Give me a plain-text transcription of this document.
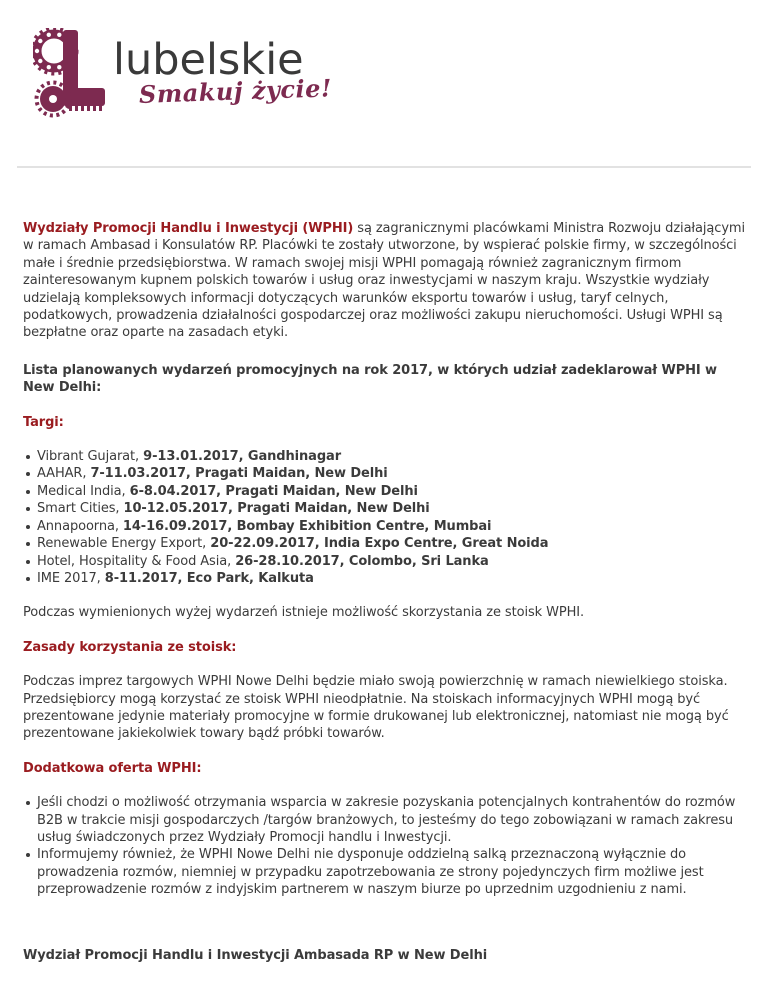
lubelskie
Smakuj życie!

Wydziały Promocji Handlu i Inwestycji (WPHI) są zagranicznymi placówkami Ministra Rozwoju działającymi w ramach Ambasad i Konsulatów RP. Placówki te zostały utworzone, by wspierać polskie firmy, w szczególności małe i średnie przedsiębiorstwa. W ramach swojej misji WPHI pomagają również zagranicznym firmom zainteresowanym kupnem polskich towarów i usług oraz inwestycjami w naszym kraju. Wszystkie wydziały udzielają kompleksowych informacji dotyczących warunków eksportu towarów i usług, taryf celnych, podatkowych, prowadzenia działalności gospodarczej oraz możliwości zakupu nieruchomości. Usługi WPHI są bezpłatne oraz oparte na zasadach etyki.

Lista planowanych wydarzeń promocyjnych na rok 2017, w których udział zadeklarował WPHI w New Delhi:
Targi:
Vibrant Gujarat, 9-13.01.2017, Gandhinagar
AAHAR, 7-11.03.2017, Pragati Maidan, New Delhi
Medical India, 6-8.04.2017, Pragati Maidan, New Delhi
Smart Cities, 10-12.05.2017, Pragati Maidan, New Delhi
Annapoorna, 14-16.09.2017, Bombay Exhibition Centre, Mumbai
Renewable Energy Export, 20-22.09.2017, India Expo Centre, Great Noida
Hotel, Hospitality & Food Asia, 26-28.10.2017, Colombo, Sri Lanka
IME 2017, 8-11.2017, Eco Park, Kalkuta

Podczas wymienionych wyżej wydarzeń istnieje możliwość skorzystania ze stoisk WPHI.

Zasady korzystania ze stoisk:

Podczas imprez targowych WPHI Nowe Delhi będzie miało swoją powierzchnię w ramach niewielkiego stoiska. Przedsiębiorcy mogą korzystać ze stoisk WPHI nieodpłatnie. Na stoiskach informacyjnych WPHI mogą być prezentowane jedynie materiały promocyjne w formie drukowanej lub elektronicznej, natomiast nie mogą być prezentowane jakiekolwiek towary bądź próbki towarów.

Dodatkowa oferta WPHI:
Jeśli chodzi o możliwość otrzymania wsparcia w zakresie pozyskania potencjalnych kontrahentów do rozmów B2B w trakcie misji gospodarczych /targów branżowych, to jesteśmy do tego zobowiązani w ramach zakresu usług świadczonych przez Wydziały Promocji handlu i Inwestycji.
Informujemy również, że WPHI Nowe Delhi nie dysponuje oddzielną salką przeznaczoną wyłącznie do prowadzenia rozmów, niemniej w przypadku zapotrzebowania ze strony pojedynczych firm możliwe jest przeprowadzenie rozmów z indyjskim partnerem w naszym biurze po uprzednim uzgodnieniu z nami.
Wydział Promocji Handlu i Inwestycji Ambasada RP w New Delhi
